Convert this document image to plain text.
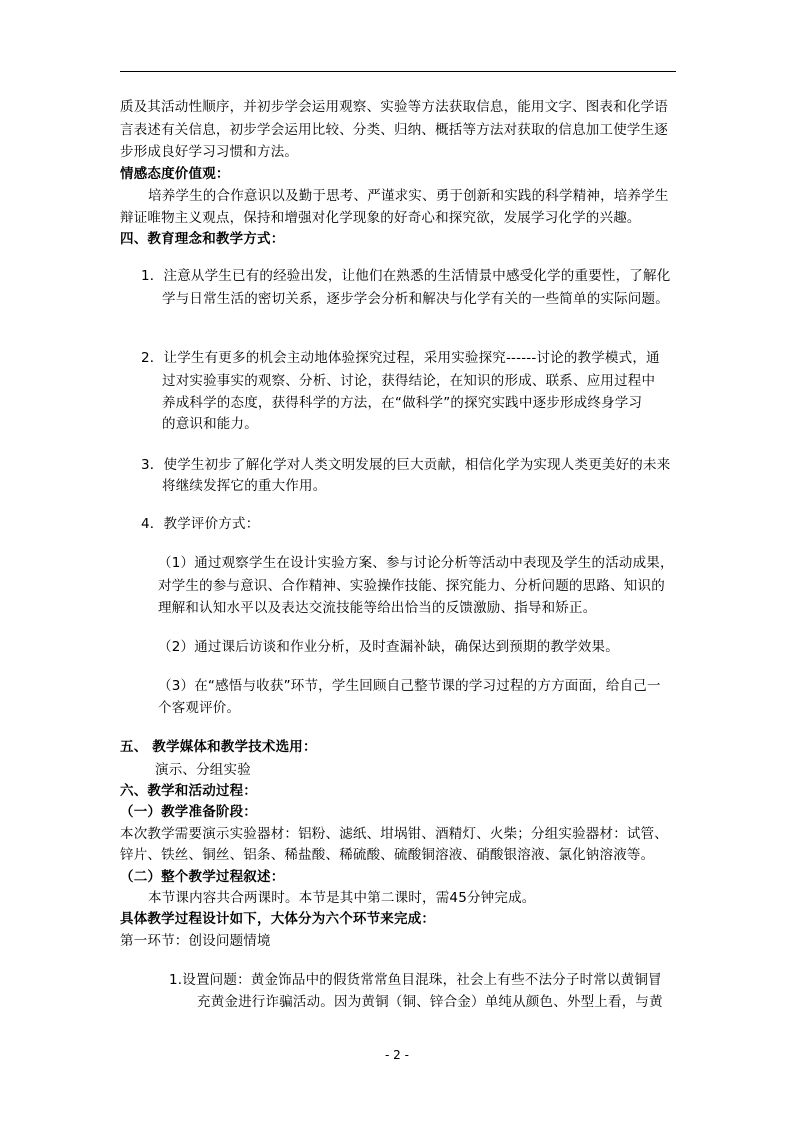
质及其活动性顺序，并初步学会运用观察、实验等方法获取信息，能用文字、图表和化学语
言表述有关信息，初步学会运用比较、分类、归纳、概括等方法对获取的信息加工使学生逐
步形成良好学习习惯和方法。
情感态度价值观：
培养学生的合作意识以及勤于思考、严谨求实、勇于创新和实践的科学精神，培养学生
辩证唯物主义观点，保持和增强对化学现象的好奇心和探究欲，发展学习化学的兴趣。
四、教育理念和教学方式：
1．注意从学生已有的经验出发，让他们在熟悉的生活情景中感受化学的重要性，了解化
学与日常生活的密切关系，逐步学会分析和解决与化学有关的一些简单的实际问题。
2．让学生有更多的机会主动地体验探究过程，采用实验探究------讨论的教学模式，通
过对实验事实的观察、分析、讨论，获得结论，在知识的形成、联系、应用过程中
养成科学的态度，获得科学的方法，在“做科学”的探究实践中逐步形成终身学习
的意识和能力。
3．使学生初步了解化学对人类文明发展的巨大贡献，相信化学为实现人类更美好的未来
将继续发挥它的重大作用。
4．教学评价方式：
（1）通过观察学生在设计实验方案、参与讨论分析等活动中表现及学生的活动成果，
对学生的参与意识、合作精神、实验操作技能、探究能力、分析问题的思路、知识的
理解和认知水平以及表达交流技能等给出恰当的反馈激励、指导和矫正。
（2）通过课后访谈和作业分析，及时查漏补缺，确保达到预期的教学效果。
（3）在“感悟与收获”环节，学生回顾自己整节课的学习过程的方方面面，给自己一
个客观评价。
五、 教学媒体和教学技术选用：
演示、分组实验
六、教学和活动过程：
（一）教学准备阶段：
本次教学需要演示实验器材：铝粉、滤纸、坩埚钳、酒精灯、火柴；分组实验器材：试管、
锌片、铁丝、铜丝、铝条、稀盐酸、稀硫酸、硫酸铜溶液、硝酸银溶液、氯化钠溶液等。
（二）整个教学过程叙述：
本节课内容共合两课时。本节是其中第二课时，需45分钟完成。
具体教学过程设计如下，大体分为六个环节来完成：
第一环节：创设问题情境
1.设置问题：黄金饰品中的假货常常鱼目混珠，社会上有些不法分子时常以黄铜冒
充黄金进行诈骗活动。因为黄铜（铜、锌合金）单纯从颜色、外型上看，与黄
- 2 -
